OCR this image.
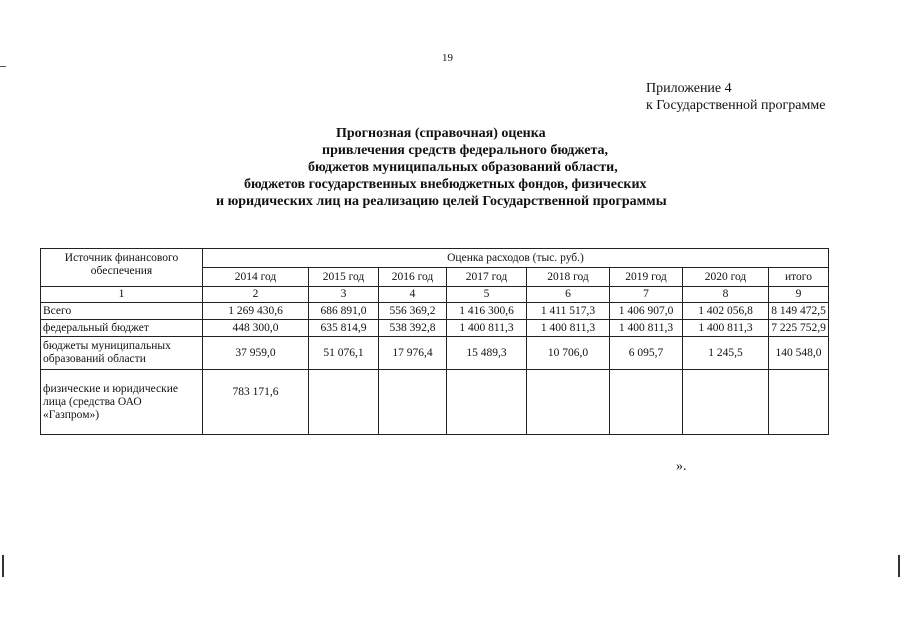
19
Приложение 4
к Государственной программе
Прогнозная (справочная) оценка
привлечения средств федерального бюджета,
бюджетов муниципальных образований области,
бюджетов государственных внебюджетных фондов, физических
и юридических лиц на реализацию целей Государственной программы
Источник финансового обеспечения	Оценка расходов (тыс. руб.)							
	2014 год	2015 год	2016 год	2017 год	2018 год	2019 год	2020 год	итого
1	2	3	4	5	6	7	8	9
Всего	1 269 430,6	686 891,0	556 369,2	1 416 300,6	1 411 517,3	1 406 907,0	1 402 056,8	8 149 472,5
федеральный бюджет	448 300,0	635 814,9	538 392,8	1 400 811,3	1 400 811,3	1 400 811,3	1 400 811,3	7 225 752,9

бюджеты муниципальных
образований области	37 959,0	51 076,1	17 976,4	15 489,3	10 706,0	6 095,7	1 245,5	140 548,0

физические и юридические
лица (средства ОАО
«Газпром»)	783 171,6							
».
